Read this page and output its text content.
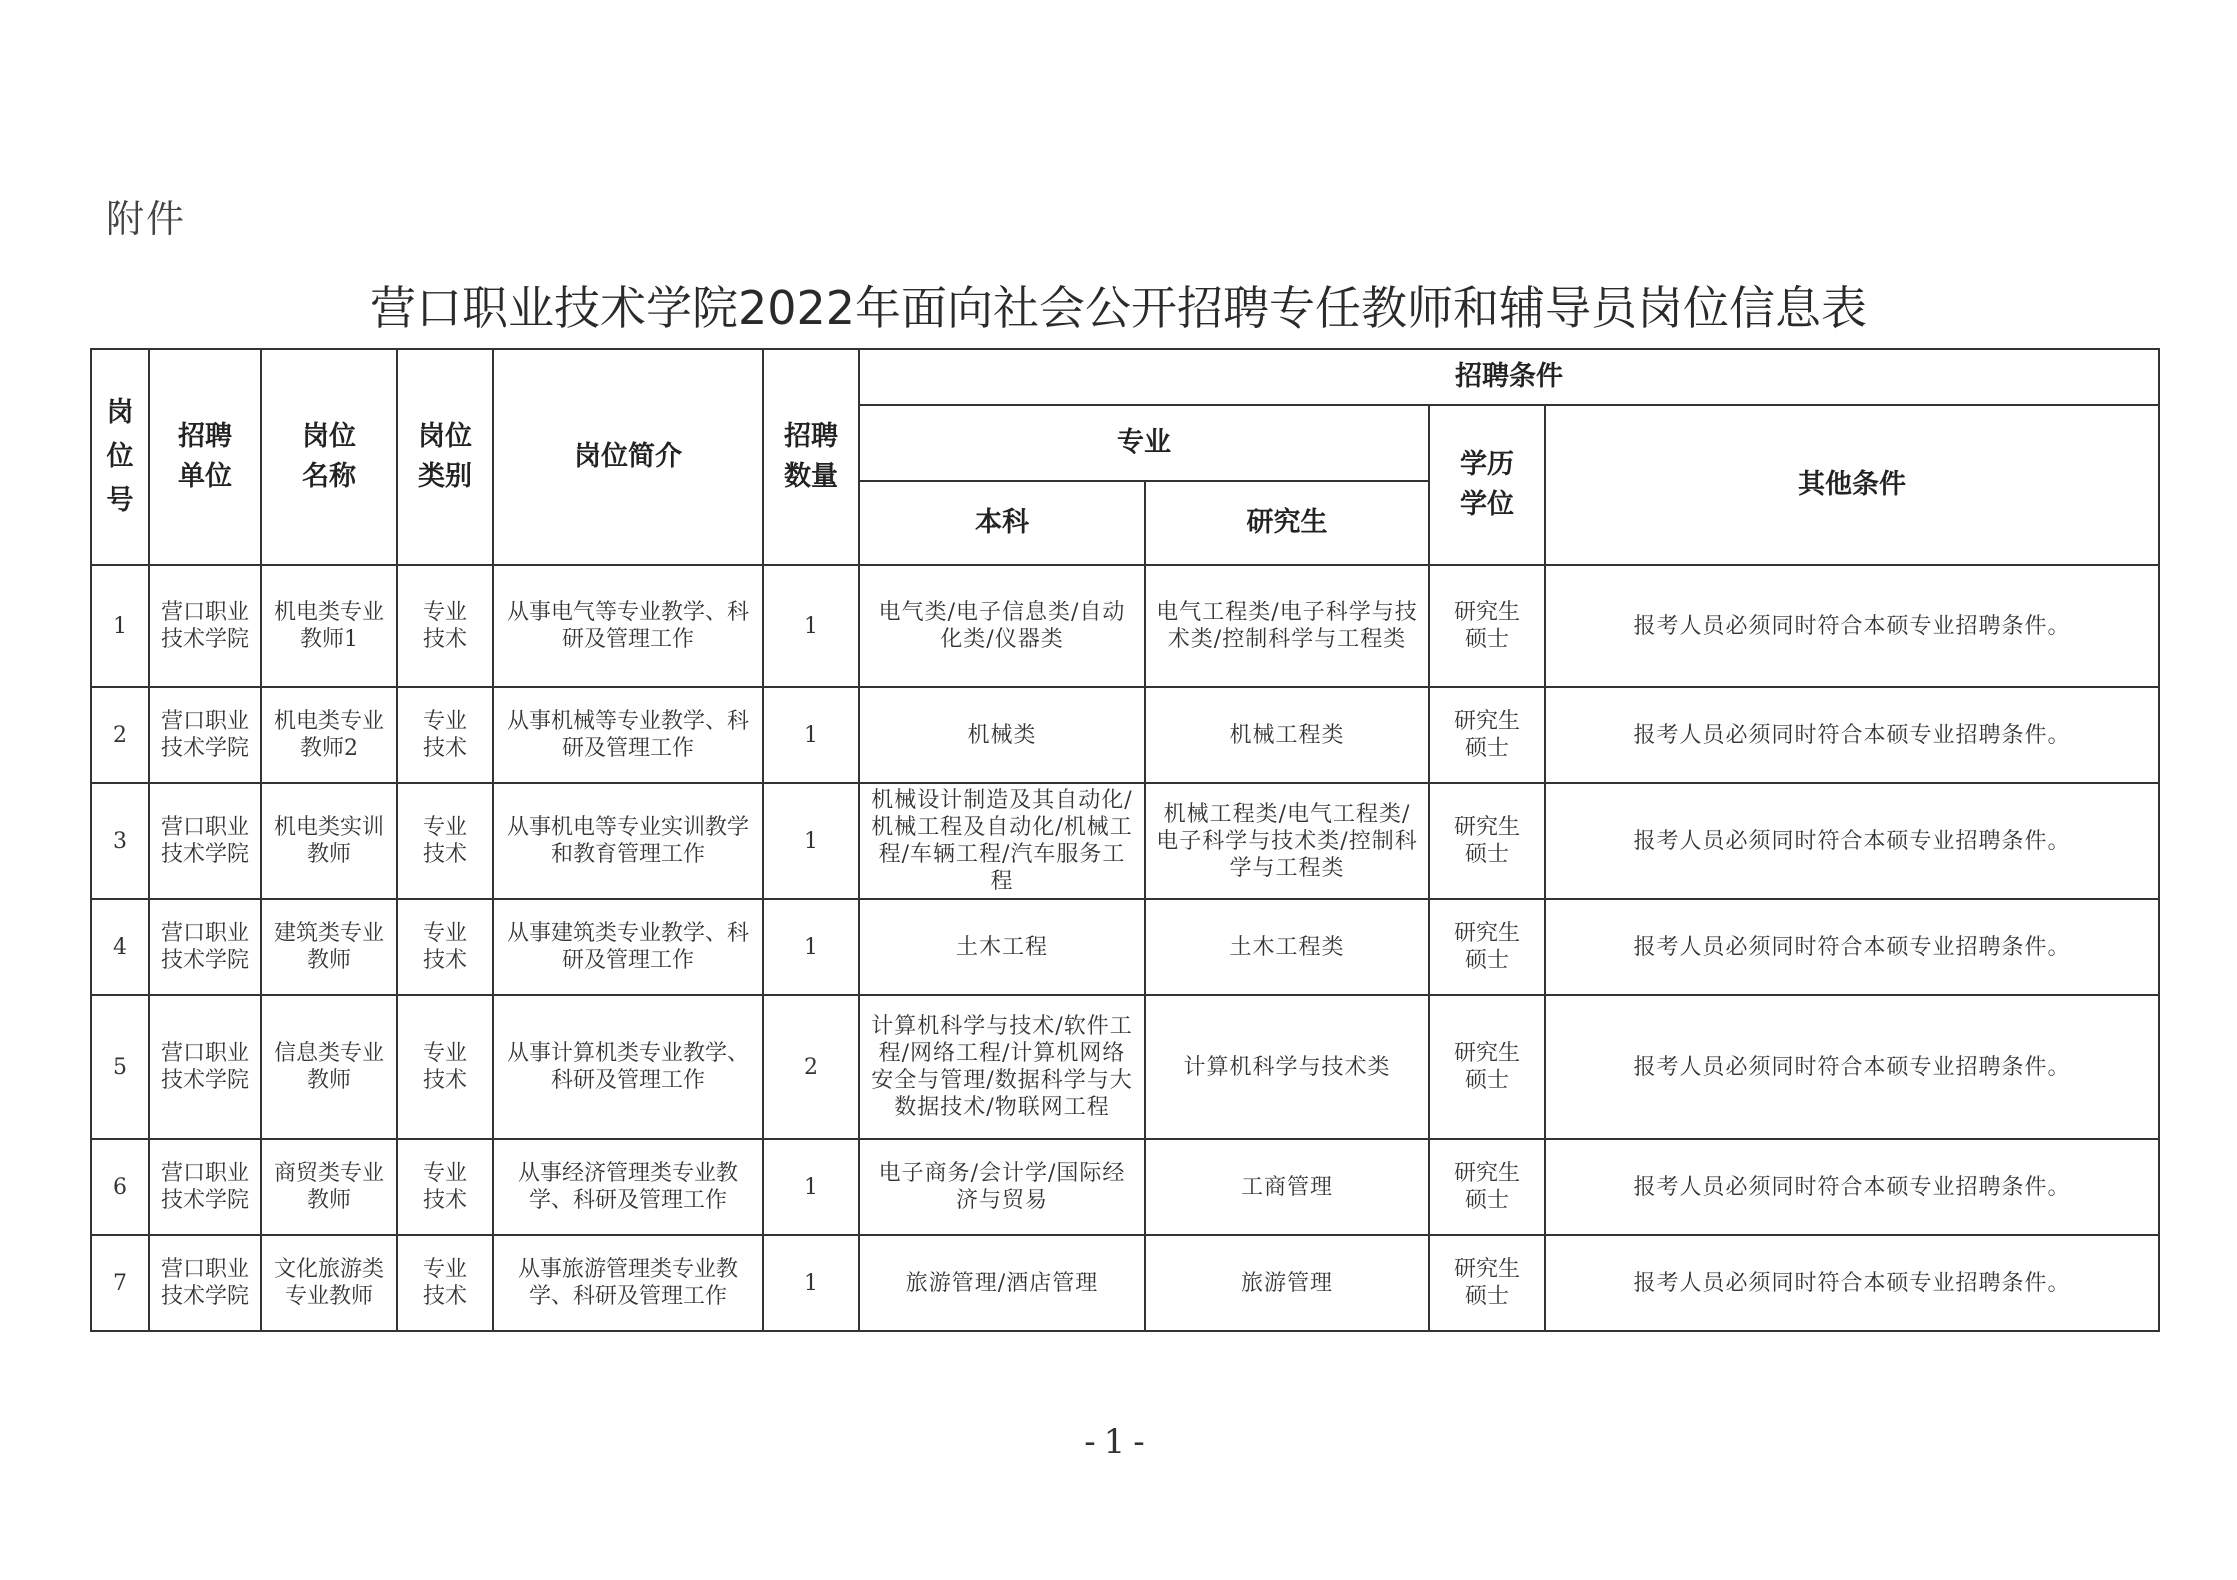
附件
营口职业技术学院2022年面向社会公开招聘专任教师和辅导员岗位信息表
岗位号	招聘单位	岗位名称	岗位类别	岗位简介	招聘数量	招聘条件			
						专业		学历学位	其他条件
						本科	研究生		
1	营口职业技术学院	机电类专业教师1	专业技术	从事电气等专业教学、科研及管理工作	1	电气类/电子信息类/自动化类/仪器类	电气工程类/电子科学与技术类/控制科学与工程类	研究生硕士	报考人员必须同时符合本硕专业招聘条件。
2	营口职业技术学院	机电类专业教师2	专业技术	从事机械等专业教学、科研及管理工作	1	机械类	机械工程类	研究生硕士	报考人员必须同时符合本硕专业招聘条件。
3	营口职业技术学院	机电类实训教师	专业技术	从事机电等专业实训教学和教育管理工作	1	机械设计制造及其自动化/机械工程及自动化/机械工程/车辆工程/汽车服务工程	机械工程类/电气工程类/电子科学与技术类/控制科学与工程类	研究生硕士	报考人员必须同时符合本硕专业招聘条件。
4	营口职业技术学院	建筑类专业教师	专业技术	从事建筑类专业教学、科研及管理工作	1	土木工程	土木工程类	研究生硕士	报考人员必须同时符合本硕专业招聘条件。
5	营口职业技术学院	信息类专业教师	专业技术	从事计算机类专业教学、科研及管理工作	2	计算机科学与技术/软件工程/网络工程/计算机网络安全与管理/数据科学与大数据技术/物联网工程	计算机科学与技术类	研究生硕士	报考人员必须同时符合本硕专业招聘条件。
6	营口职业技术学院	商贸类专业教师	专业技术	从事经济管理类专业教学、科研及管理工作	1	电子商务/会计学/国际经济与贸易	工商管理	研究生硕士	报考人员必须同时符合本硕专业招聘条件。
7	营口职业技术学院	文化旅游类专业教师	专业技术	从事旅游管理类专业教学、科研及管理工作	1	旅游管理/酒店管理	旅游管理	研究生硕士	报考人员必须同时符合本硕专业招聘条件。
-1-
